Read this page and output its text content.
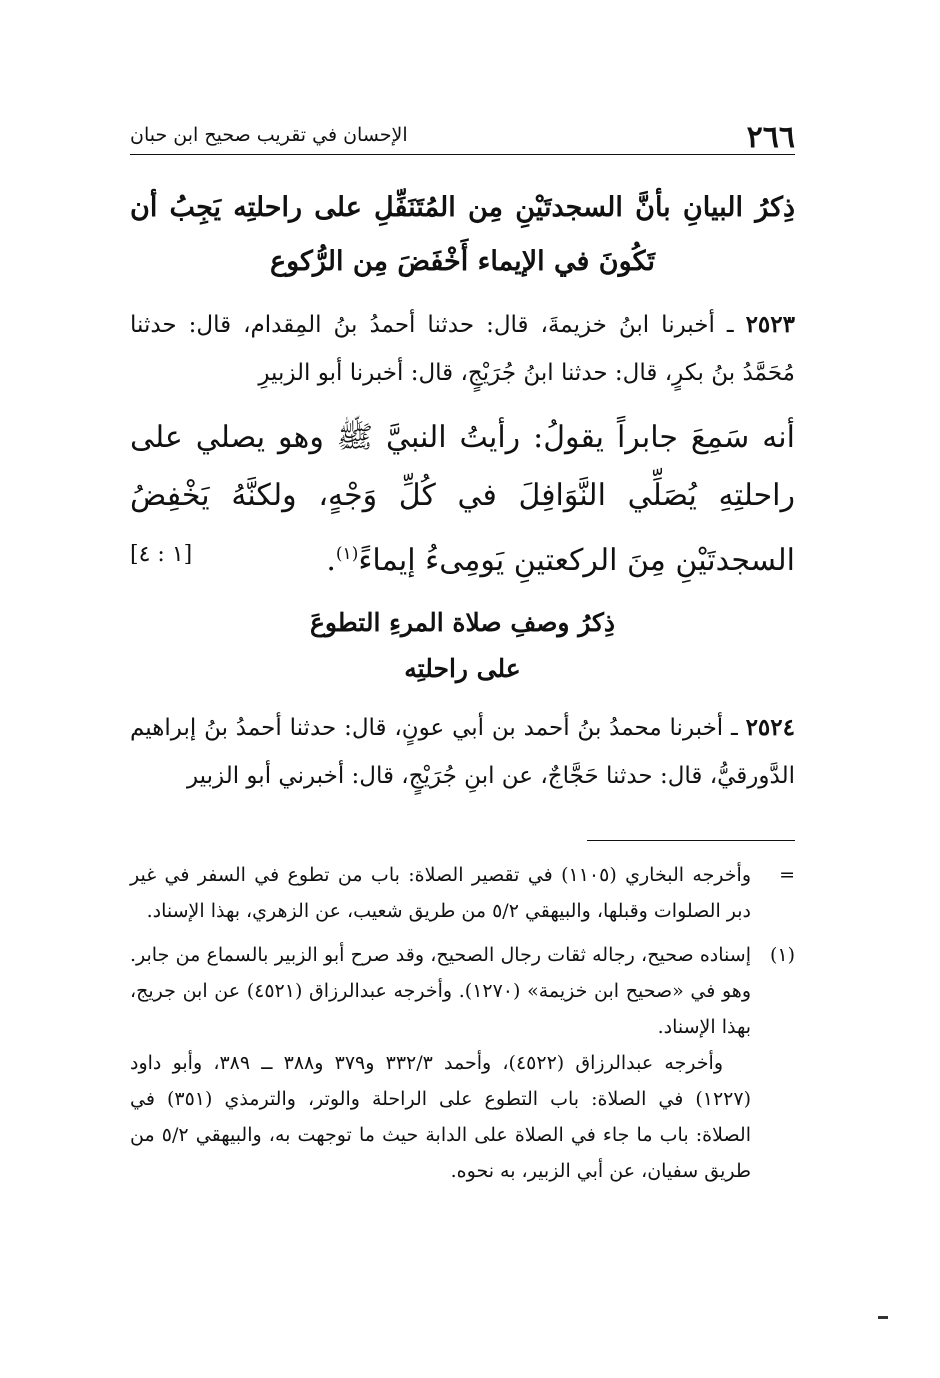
٢٦٦
الإحسان في تقريب صحيح ابن حبان
ذِكرُ البيانِ بأنَّ السجدتَيْنِ مِن المُتَنَفِّلِ على راحلتِه يَجِبُ أن تَكُونَ في الإيماء أَخْفَضَ مِن الرُّكوع

٢٥٢٣ ـ أخبرنا ابنُ خزيمةَ، قال: حدثنا أحمدُ بنُ المِقدام، قال: حدثنا مُحَمَّدُ بنُ بكرٍ، قال: حدثنا ابنُ جُرَيْجٍ، قال: أخبرنا أبو الزبيرِ

أنه سَمِعَ جابراً يقولُ: رأيتُ النبيَّ ﷺ وهو يصلي على راحلتِهِ يُصَلِّي النَّوَافِلَ في كُلِّ وَجْهٍ، ولكنَّهُ يَخْفِضُ السجدتَيْنِ مِنَ الركعتينِ يَومِىءُ إيماءً$^{(١)}$.
[١ : ٤]

ذِكرُ وصفِ صلاة المرءِ التطوعَ
على راحلتِه

٢٥٢٤ ـ أخبرنا محمدُ بنُ أحمد بن أبي عونٍ، قال: حدثنا أحمدُ بنُ إبراهيم الدَّورقيُّ، قال: حدثنا حَجَّاجٌ، عن ابنِ جُرَيْجٍ، قال: أخبرني أبو الزبير

=
وأخرجه البخاري (١١٠٥) في تقصير الصلاة: باب من تطوع في السفر في غير دبر الصلوات وقبلها، والبيهقي ٥/٢ من طريق شعيب، عن الزهري، بهذا الإسناد.

(١)

إسناده صحيح، رجاله ثقات رجال الصحيح، وقد صرح أبو الزبير بالسماع من جابر. وهو في «صحيح ابن خزيمة» (١٢٧٠). وأخرجه عبدالرزاق (٤٥٢١) عن ابن جريج، بهذا الإسناد.

وأخرجه عبدالرزاق (٤٥٢٢)، وأحمد ٣٣٢/٣ و٣٧٩ و٣٨٨ ــ ٣٨٩، وأبو داود (١٢٢٧) في الصلاة: باب التطوع على الراحلة والوتر، والترمذي (٣٥١) في الصلاة: باب ما جاء في الصلاة على الدابة حيث ما توجهت به، والبيهقي ٥/٢ من طريق سفيان، عن أبي الزبير، به نحوه.
